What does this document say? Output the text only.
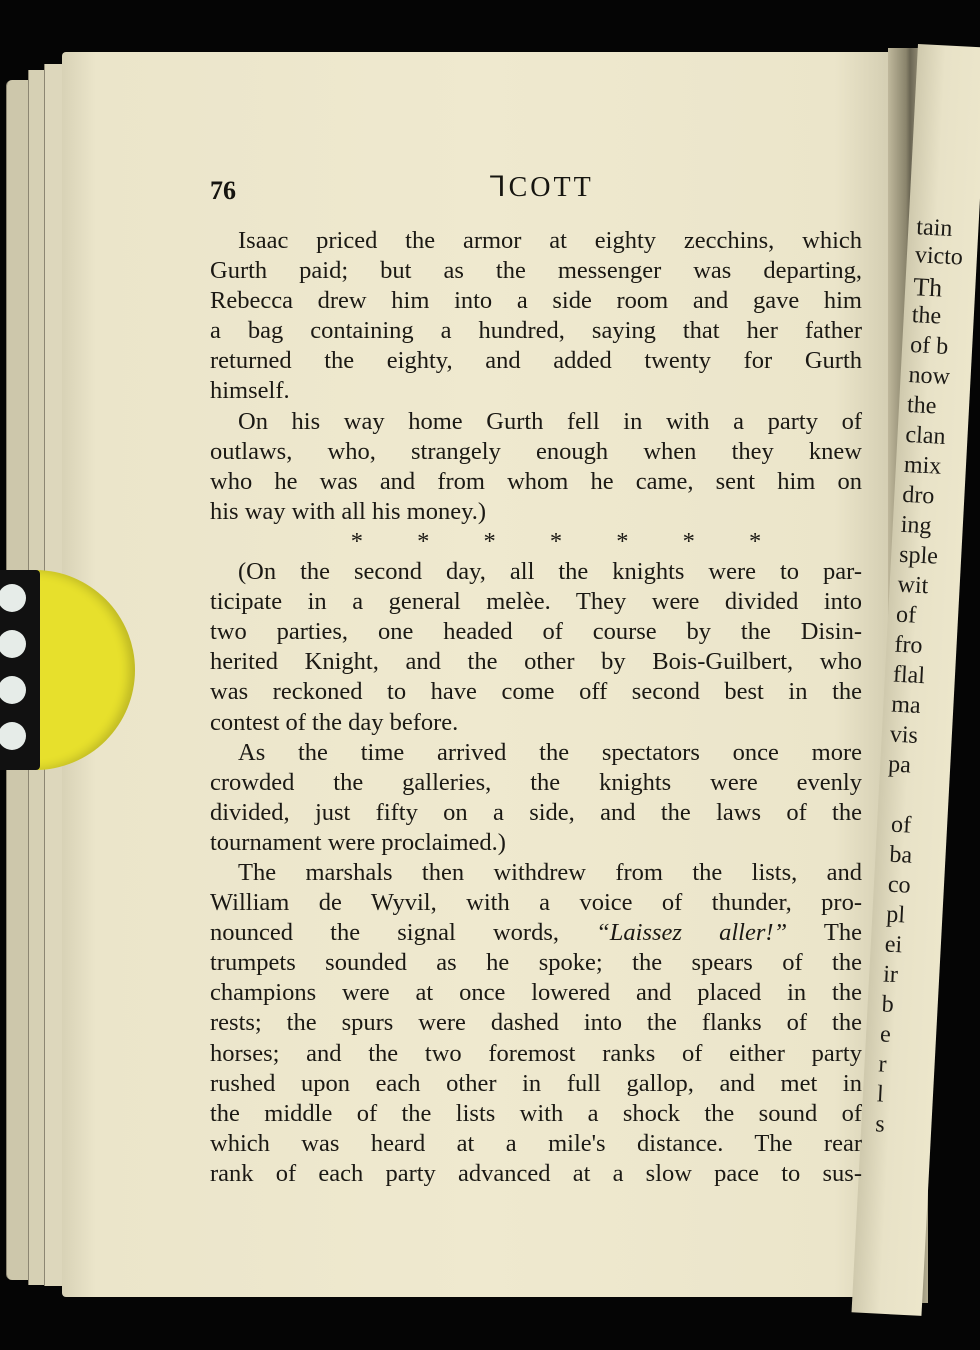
tain
victo
Th
the
of b
now
the
clan
mix
dro
ing
sple
wit
of
fro
flal
ma
vis
pa
of
ba
co
pl
ei
ir
b
e
r
l
s
76	ꓶCOTT
Isaac priced the armor at eighty zecchins, which
Gurth paid; but as the messenger was departing,
Rebecca drew him into a side room and gave him
a bag containing a hundred, saying that her father
returned the eighty, and added twenty for Gurth
himself.
On his way home Gurth fell in with a party of
outlaws, who, strangely enough when they knew
who he was and from whom he came, sent him on
his way with all his money.)
* * * * * * *
(On the second day, all the knights were to par-
ticipate in a general melèe. They were divided into
two parties, one headed of course by the Disin-
herited Knight, and the other by Bois-Guilbert, who
was reckoned to have come off second best in the
contest of the day before.
As the time arrived the spectators once more
crowded the galleries, the knights were evenly
divided, just fifty on a side, and the laws of the
tournament were proclaimed.)
The marshals then withdrew from the lists, and
William de Wyvil, with a voice of thunder, pro-
nounced the signal words, “Laissez aller!” The
trumpets sounded as he spoke; the spears of the
champions were at once lowered and placed in the
rests; the spurs were dashed into the flanks of the
horses; and the two foremost ranks of either party
rushed upon each other in full gallop, and met in
the middle of the lists with a shock the sound of
which was heard at a mile's distance. The rear
rank of each party advanced at a slow pace to sus-
